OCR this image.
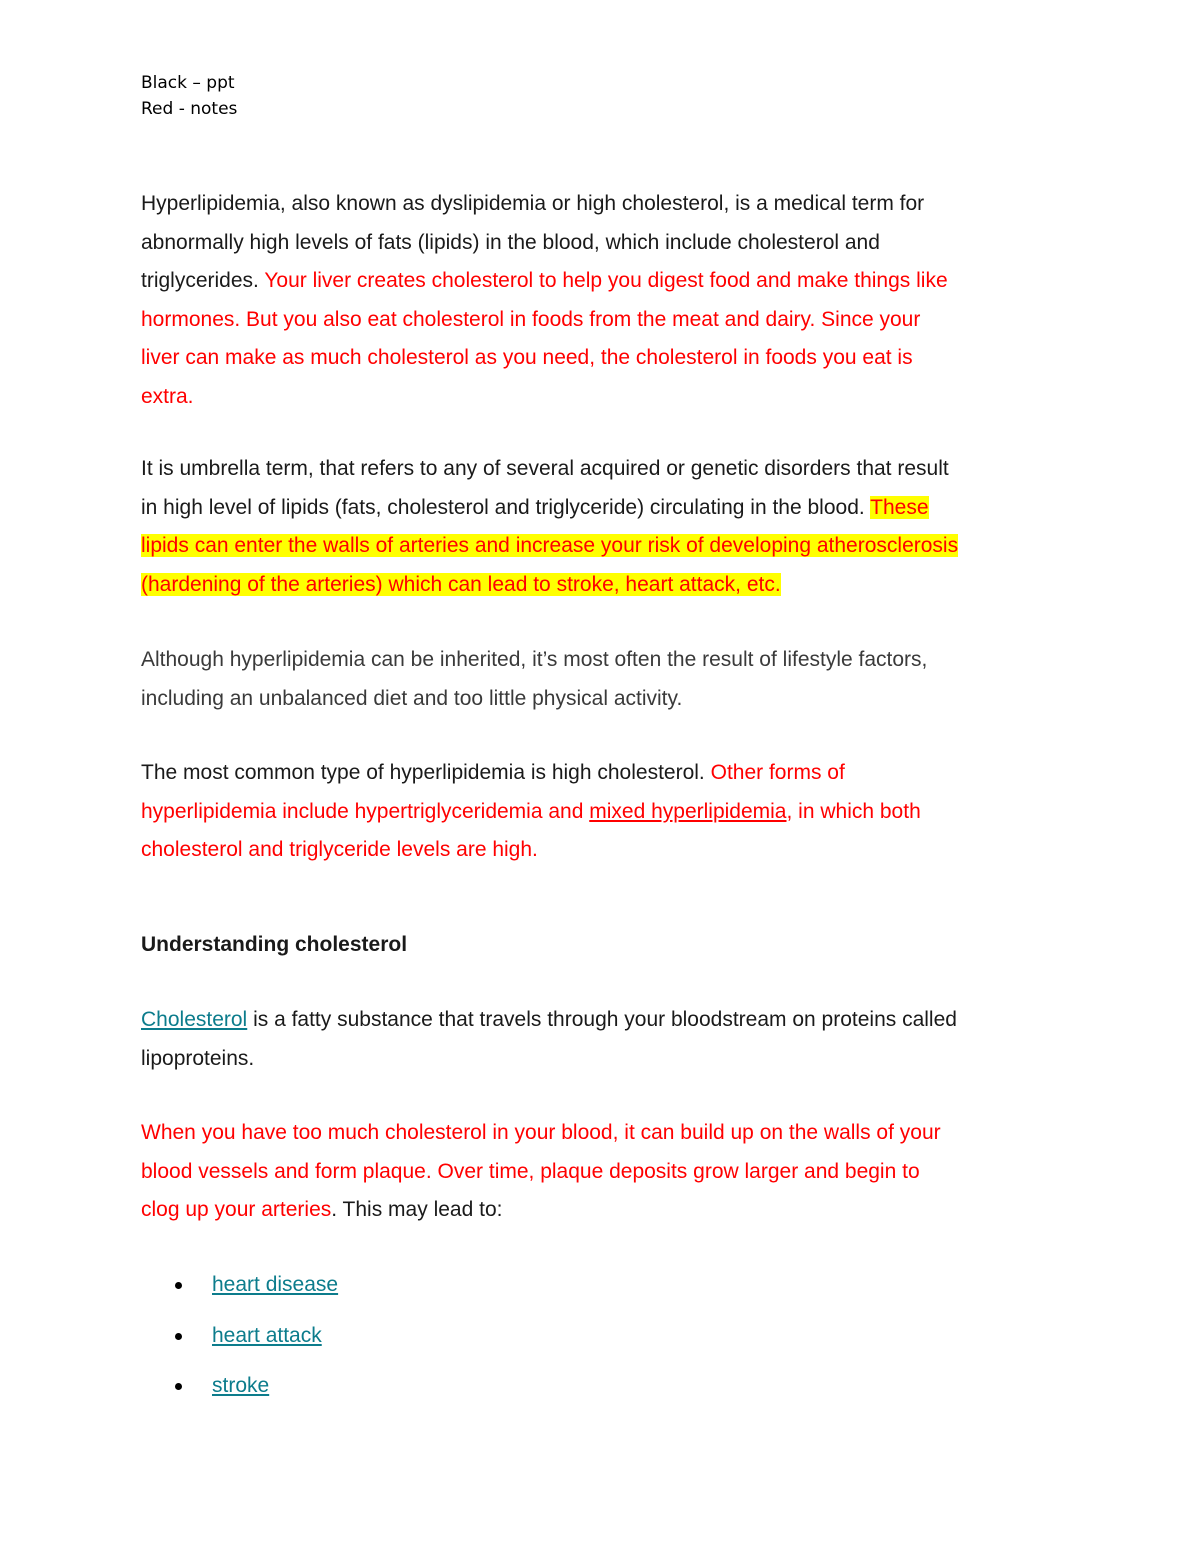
Black – ppt
Red - notes
Hyperlipidemia, also known as dyslipidemia or high cholesterol, is a medical term for
abnormally high levels of fats (lipids) in the blood, which include cholesterol and
triglycerides. Your liver creates cholesterol to help you digest food and make things like
hormones. But you also eat cholesterol in foods from the meat and dairy. Since your
liver can make as much cholesterol as you need, the cholesterol in foods you eat is
extra.
It is umbrella term, that refers to any of several acquired or genetic disorders that result
in high level of lipids (fats, cholesterol and triglyceride) circulating in the blood. These
lipids can enter the walls of arteries and increase your risk of developing atherosclerosis
(hardening of the arteries) which can lead to stroke, heart attack, etc.
Although hyperlipidemia can be inherited, it’s most often the result of lifestyle factors,
including an unbalanced diet and too little physical activity.
The most common type of hyperlipidemia is high cholesterol. Other forms of
hyperlipidemia include hypertriglyceridemia and mixed hyperlipidemia, in which both
cholesterol and triglyceride levels are high.
Understanding cholesterol
Cholesterol is a fatty substance that travels through your bloodstream on proteins called
lipoproteins.
When you have too much cholesterol in your blood, it can build up on the walls of your
blood vessels and form plaque. Over time, plaque deposits grow larger and begin to
clog up your arteries. This may lead to:
heart disease
heart attack
stroke
